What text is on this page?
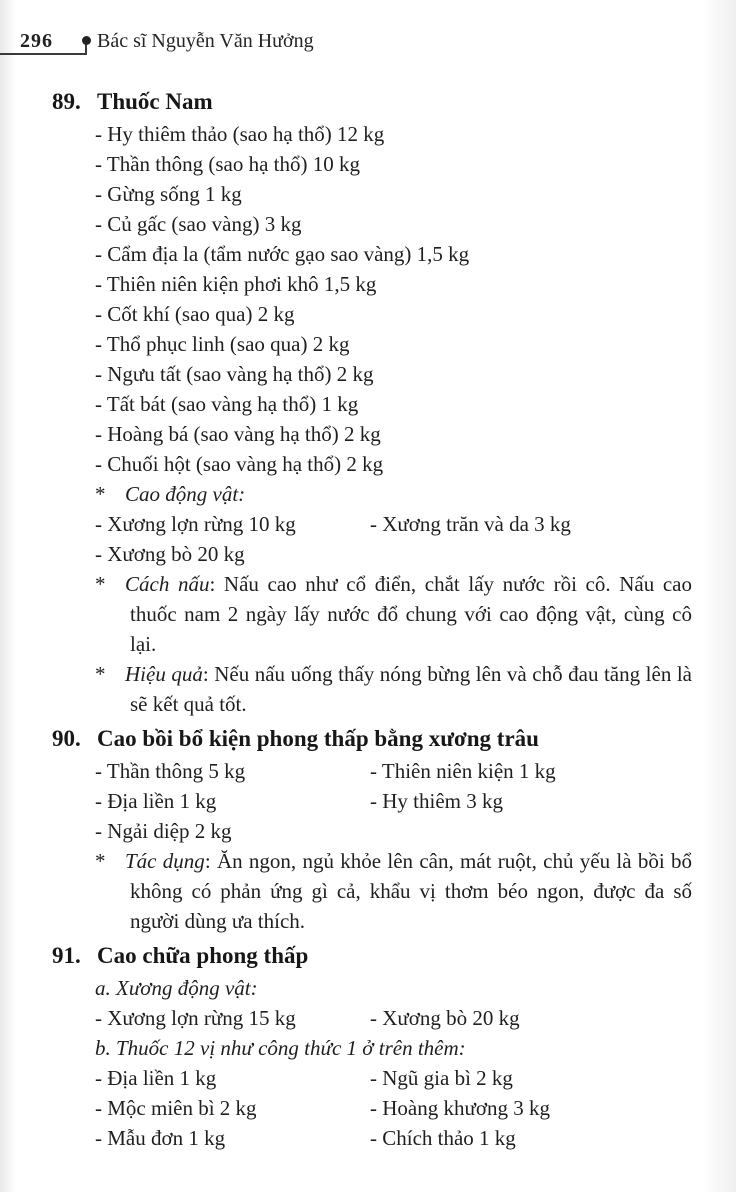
296 Bác sĩ Nguyễn Văn Hưởng
89. Thuốc Nam
- Hy thiêm thảo (sao hạ thổ) 12 kg
- Thần thông (sao hạ thổ) 10 kg
- Gừng sống 1 kg
- Củ gấc (sao vàng) 3 kg
- Cẩm địa la (tẩm nước gạo sao vàng) 1,5 kg
- Thiên niên kiện phơi khô 1,5 kg
- Cốt khí (sao qua) 2 kg
- Thổ phục linh (sao qua) 2 kg
- Ngưu tất (sao vàng hạ thổ) 2 kg
- Tất bát (sao vàng hạ thổ) 1 kg
- Hoàng bá (sao vàng hạ thổ) 2 kg
- Chuối hột (sao vàng hạ thổ) 2 kg
* Cao động vật:
- Xương lợn rừng 10 kg	- Xương trăn và da 3 kg
- Xương bò 20 kg
* Cách nấu: Nấu cao như cổ điển, chắt lấy nước rồi cô. Nấu cao thuốc nam 2 ngày lấy nước đổ chung với cao động vật, cùng cô lại.
* Hiệu quả: Nếu nấu uống thấy nóng bừng lên và chỗ đau tăng lên là sẽ kết quả tốt.
90. Cao bồi bổ kiện phong thấp bằng xương trâu
- Thần thông 5 kg	- Thiên niên kiện 1 kg
- Địa liền 1 kg	- Hy thiêm 3 kg
- Ngải diệp 2 kg
* Tác dụng: Ăn ngon, ngủ khỏe lên cân, mát ruột, chủ yếu là bồi bổ không có phản ứng gì cả, khẩu vị thơm béo ngon, được đa số người dùng ưa thích.
91. Cao chữa phong thấp
a. Xương động vật:
- Xương lợn rừng 15 kg	- Xương bò 20 kg
b. Thuốc 12 vị như công thức 1 ở trên thêm:
- Địa liền 1 kg	- Ngũ gia bì 2 kg
- Mộc miên bì 2 kg	- Hoàng khương 3 kg
- Mẫu đơn 1 kg	- Chích thảo 1 kg
